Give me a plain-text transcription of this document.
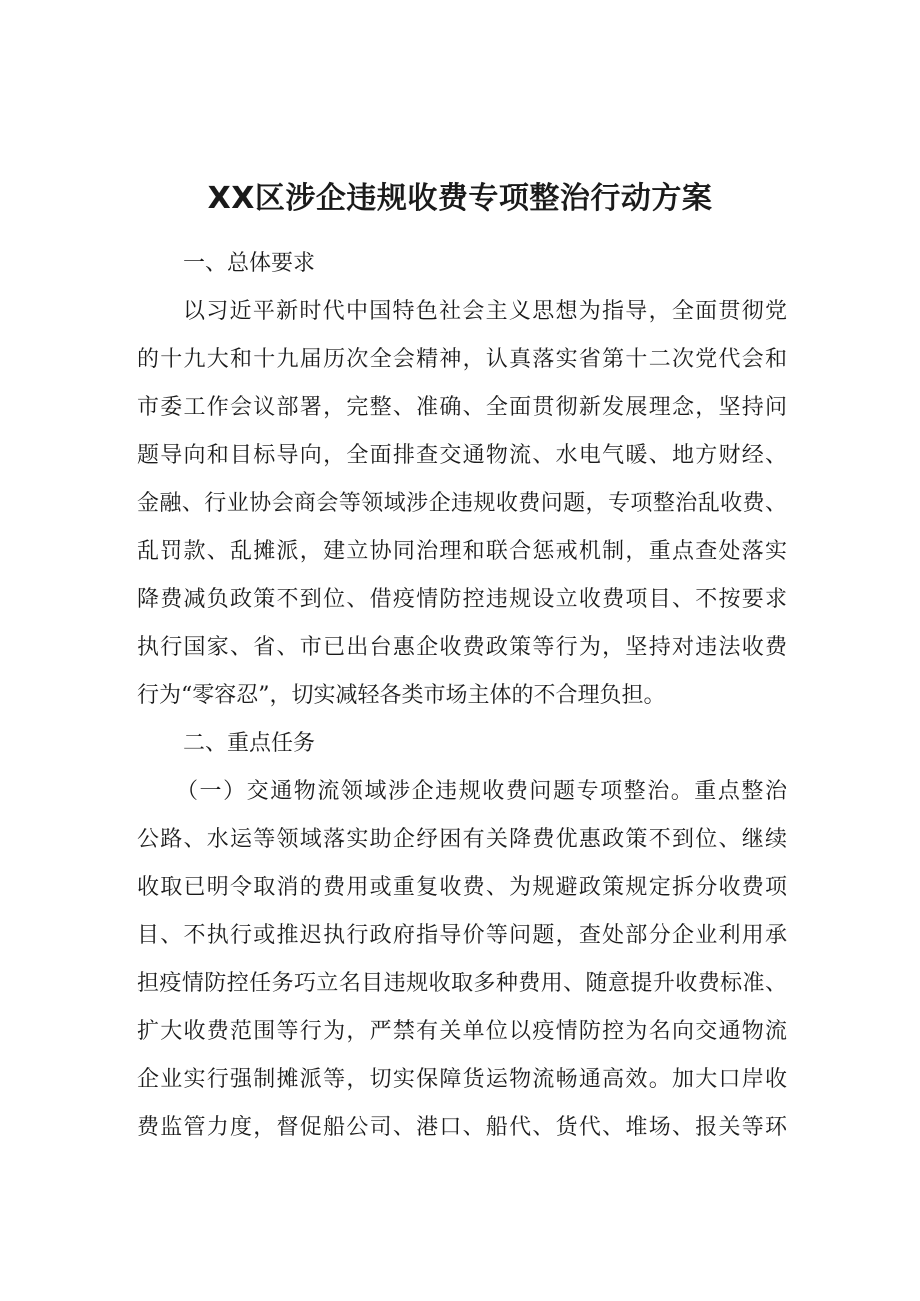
XX区涉企违规收费专项整治行动方案
一、总体要求
以习近平新时代中国特色社会主义思想为指导，全面贯彻党
的十九大和十九届历次全会精神，认真落实省第十二次党代会和
市委工作会议部署，完整、准确、全面贯彻新发展理念，坚持问
题导向和目标导向，全面排查交通物流、水电气暖、地方财经、
金融、行业协会商会等领域涉企违规收费问题，专项整治乱收费、
乱罚款、乱摊派，建立协同治理和联合惩戒机制，重点查处落实
降费减负政策不到位、借疫情防控违规设立收费项目、不按要求
执行国家、省、市已出台惠企收费政策等行为，坚持对违法收费
行为“零容忍”，切实减轻各类市场主体的不合理负担。
二、重点任务
（一）交通物流领域涉企违规收费问题专项整治。重点整治
公路、水运等领域落实助企纾困有关降费优惠政策不到位、继续
收取已明令取消的费用或重复收费、为规避政策规定拆分收费项
目、不执行或推迟执行政府指导价等问题，查处部分企业利用承
担疫情防控任务巧立名目违规收取多种费用、随意提升收费标准、
扩大收费范围等行为，严禁有关单位以疫情防控为名向交通物流
企业实行强制摊派等，切实保障货运物流畅通高效。加大口岸收
费监管力度，督促船公司、港口、船代、货代、堆场、报关等环
